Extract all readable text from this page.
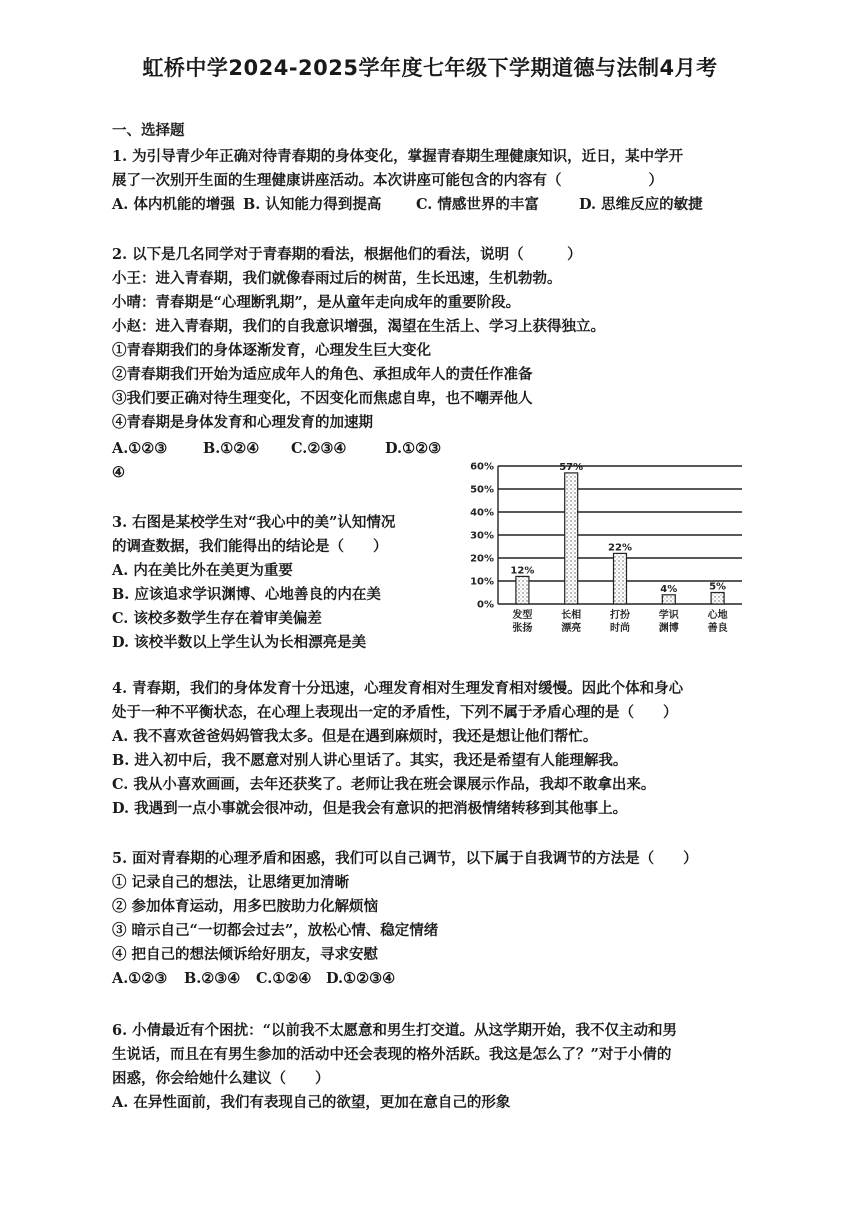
虹桥中学2024-2025学年度七年级下学期道德与法制4月考
一、选择题
1. 为引导青少年正确对待青春期的身体变化，掌握青春期生理健康知识，近日，某中学开
展了一次别开生面的生理健康讲座活动。本次讲座可能包含的内容有（　　　　　　）
A. 体内机能的增强 B. 认知能力得到提高 C. 情感世界的丰富	D. 思维反应的敏捷
2. 以下是几名同学对于青春期的看法，根据他们的看法，说明（　　　）
小王：进入青春期，我们就像春雨过后的树苗，生长迅速，生机勃勃。
小晴：青春期是“心理断乳期”，是从童年走向成年的重要阶段。
小赵：进入青春期，我们的自我意识增强，渴望在生活上、学习上获得独立。
①青春期我们的身体逐渐发育，心理发生巨大变化
②青春期我们开始为适应成年人的角色、承担成年人的责任作准备
③我们要正确对待生理变化，不因变化而焦虑自卑，也不嘲弄他人
④青春期是身体发育和心理发育的加速期
A.①②③ B.①②④ C.②③④	D.①②③
④
3. 右图是某校学生对“我心中的美”认知情况
的调查数据，我们能得出的结论是（　　）
A. 内在美比外在美更为重要
B. 应该追求学识渊博、心地善良的内在美
C. 该校多数学生存在着审美偏差
D. 该校半数以上学生认为长相漂亮是美
0%
10%
20%
30%
40%
50%
60%
12%
发型
张扬
57%
长相
漂亮
22%
打扮
时尚
4%
学识
渊博
5%
心地
善良
4. 青春期，我们的身体发育十分迅速，心理发育相对生理发育相对缓慢。因此个体和身心
处于一种不平衡状态，在心理上表现出一定的矛盾性，下列不属于矛盾心理的是（　　）
A. 我不喜欢爸爸妈妈管我太多。但是在遇到麻烦时，我还是想让他们帮忙。
B. 进入初中后，我不愿意对别人讲心里话了。其实，我还是希望有人能理解我。
C. 我从小喜欢画画，去年还获奖了。老师让我在班会课展示作品，我却不敢拿出来。
D. 我遇到一点小事就会很冲动，但是我会有意识的把消极情绪转移到其他事上。
5. 面对青春期的心理矛盾和困惑，我们可以自己调节，以下属于自我调节的方法是（　　）
① 记录自己的想法，让思绪更加清晰
② 参加体育运动，用多巴胺助力化解烦恼
③ 暗示自己“一切都会过去”，放松心情、稳定情绪
④ 把自己的想法倾诉给好朋友，寻求安慰
A.①②③ B.②③④ C.①②④ D.①②③④
6. 小倩最近有个困扰：“以前我不太愿意和男生打交道。从这学期开始，我不仅主动和男
生说话，而且在有男生参加的活动中还会表现的格外活跃。我这是怎么了？”对于小倩的
困惑，你会给她什么建议（　　）
A. 在异性面前，我们有表现自己的欲望，更加在意自己的形象
